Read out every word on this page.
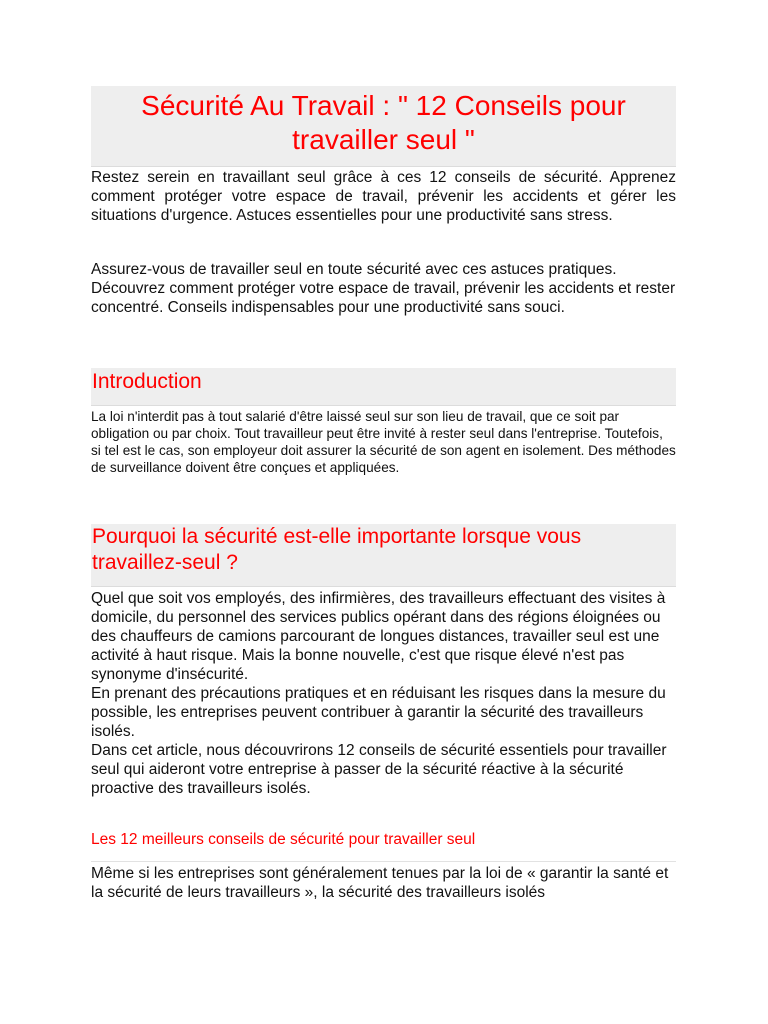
Sécurité Au Travail : " 12 Conseils pour travailler seul "

Restez serein en travaillant seul grâce à ces 12 conseils de sécurité. Apprenez comment protéger votre espace de travail, prévenir les accidents et gérer les situations d'urgence. Astuces essentielles pour une productivité sans stress.

Assurez-vous de travailler seul en toute sécurité avec ces astuces pratiques. Découvrez comment protéger votre espace de travail, prévenir les accidents et rester concentré. Conseils indispensables pour une productivité sans souci.

Introduction

La loi n'interdit pas à tout salarié d'être laissé seul sur son lieu de travail, que ce soit par obligation ou par choix. Tout travailleur peut être invité à rester seul dans l'entreprise. Toutefois, si tel est le cas, son employeur doit assurer la sécurité de son agent en isolement. Des méthodes de surveillance doivent être conçues et appliquées.

Pourquoi la sécurité est-elle importante lorsque vous travaillez-seul ?

Quel que soit vos employés, des infirmières, des travailleurs effectuant des visites à domicile, du personnel des services publics opérant dans des régions éloignées ou des chauffeurs de camions parcourant de longues distances, travailler seul est une activité à haut risque. Mais la bonne nouvelle, c'est que risque élevé n'est pas synonyme d'insécurité.

En prenant des précautions pratiques et en réduisant les risques dans la mesure du possible, les entreprises peuvent contribuer à garantir la sécurité des travailleurs isolés.

Dans cet article, nous découvrirons 12 conseils de sécurité essentiels pour travailler seul qui aideront votre entreprise à passer de la sécurité réactive à la sécurité proactive des travailleurs isolés.

Les 12 meilleurs conseils de sécurité pour travailler seul

Même si les entreprises sont généralement tenues par la loi de « garantir la santé et la sécurité de leurs travailleurs », la sécurité des travailleurs isolés
